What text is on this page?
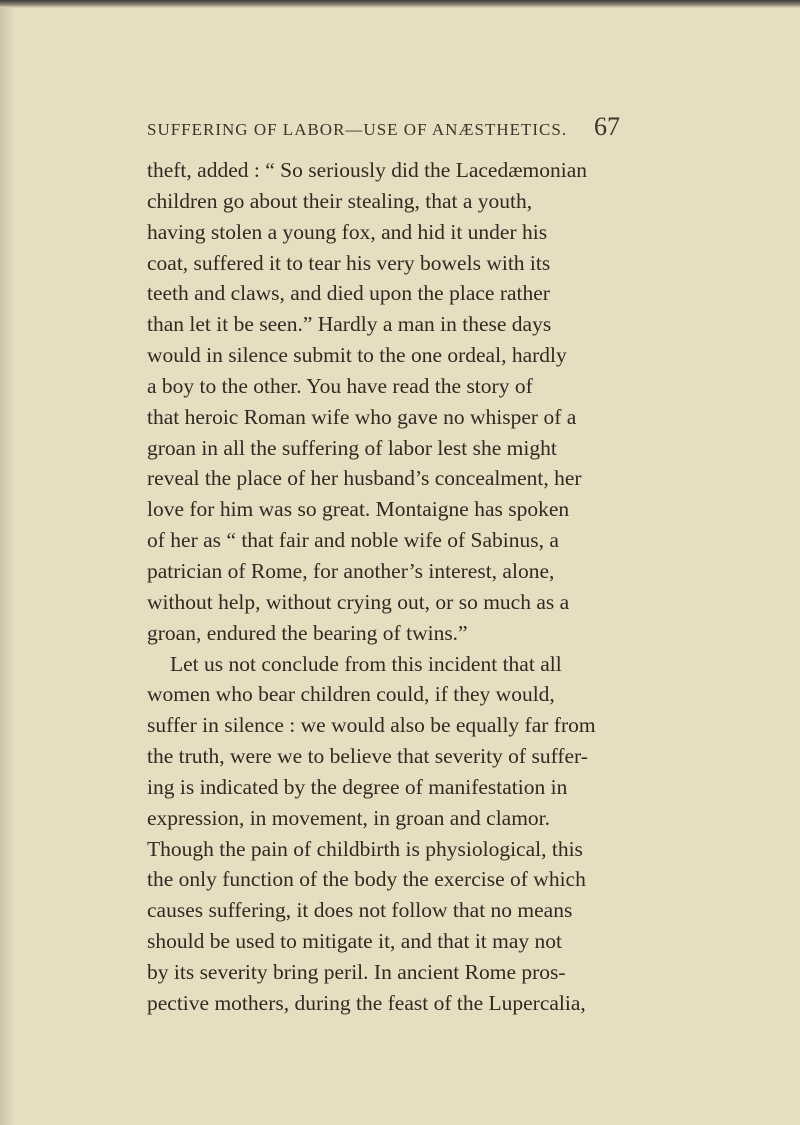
SUFFERING OF LABOR—USE OF ANÆSTHETICS. 67
theft, added : “ So seriously did the Lacedæmonian
children go about their stealing, that a youth,
having stolen a young fox, and hid it under his
coat, suffered it to tear his very bowels with its
teeth and claws, and died upon the place rather
than let it be seen.” Hardly a man in these days
would in silence submit to the one ordeal, hardly
a boy to the other. You have read the story of
that heroic Roman wife who gave no whisper of a
groan in all the suffering of labor lest she might
reveal the place of her husband’s concealment, her
love for him was so great. Montaigne has spoken
of her as “ that fair and noble wife of Sabinus, a
patrician of Rome, for another’s interest, alone,
without help, without crying out, or so much as a
groan, endured the bearing of twins.”
Let us not conclude from this incident that all
women who bear children could, if they would,
suffer in silence : we would also be equally far from
the truth, were we to believe that severity of suffer-
ing is indicated by the degree of manifestation in
expression, in movement, in groan and clamor.
Though the pain of childbirth is physiological, this
the only function of the body the exercise of which
causes suffering, it does not follow that no means
should be used to mitigate it, and that it may not
by its severity bring peril. In ancient Rome pros-
pective mothers, during the feast of the Lupercalia,
